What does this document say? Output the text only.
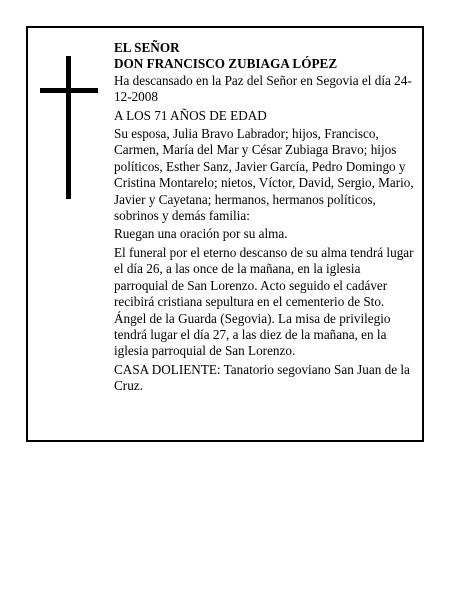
EL SEÑOR
DON FRANCISCO ZUBIAGA LÓPEZ

Ha descansado en la Paz del Señor en Segovia el día 24-12-2008

A LOS 71 AÑOS DE EDAD

Su esposa, Julia Bravo Labrador; hijos, Francisco, Carmen, María del Mar y César Zubiaga Bravo; hijos políticos, Esther Sanz, Javier García, Pedro Domingo y Cristina Montarelo; nietos, Víctor, David, Sergio, Mario, Javier y Cayetana; hermanos, hermanos políticos, sobrinos y demás familia:

Ruegan una oración por su alma.

El funeral por el eterno descanso de su alma tendrá lugar el día 26, a las once de la mañana, en la iglesia parroquial de San Lorenzo. Acto seguido el cadáver recibirá cristiana sepultura en el cementerio de Sto. Ángel de la Guarda (Segovia). La misa de privilegio tendrá lugar el día 27, a las diez de la mañana, en la iglesia parroquial de San Lorenzo.

CASA DOLIENTE: Tanatorio segoviano San Juan de la Cruz.
